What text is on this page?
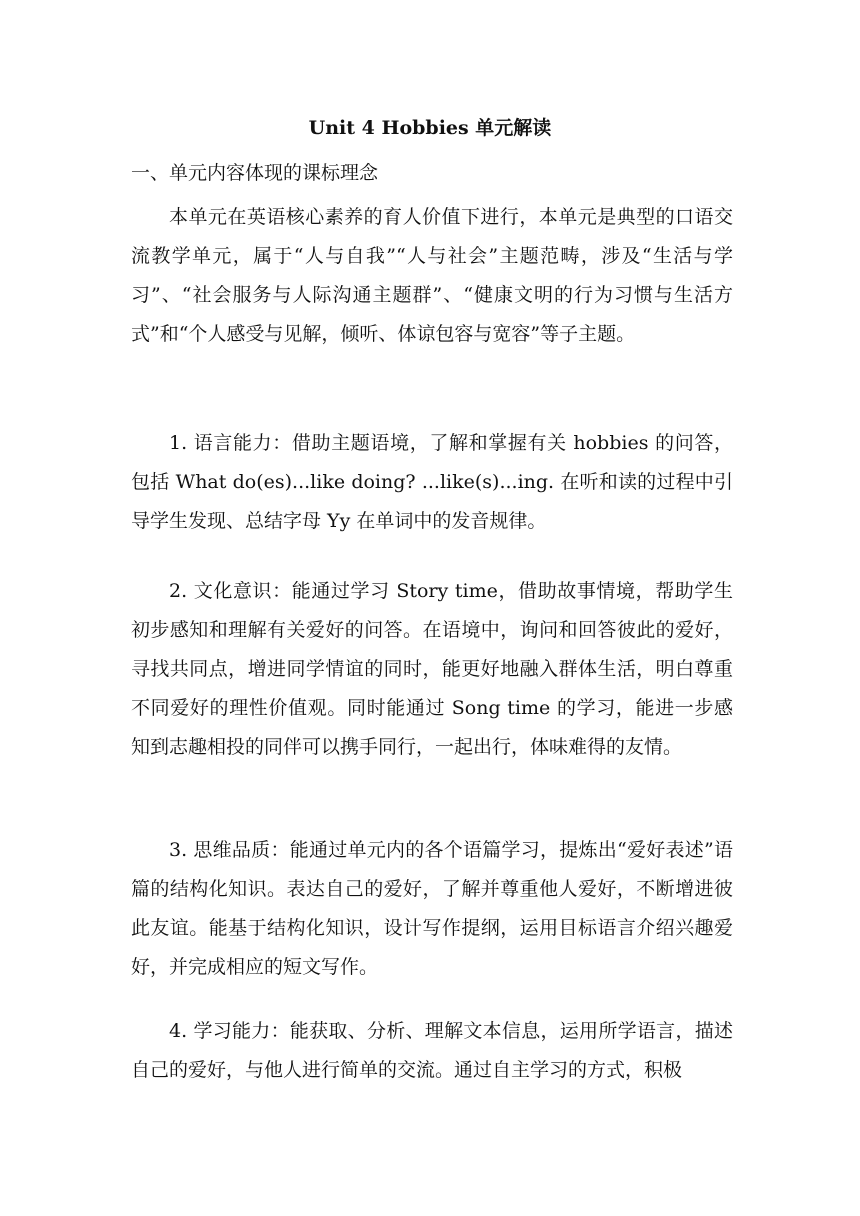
Unit 4 Hobbies 单元解读
一、单元内容体现的课标理念

本单元在英语核心素养的育人价值下进行，本单元是典型的口语交流教学单元，属于“人与自我”“人与社会”主题范畴，涉及“生活与学习”、“社会服务与人际沟通主题群”、“健康文明的行为习惯与生活方式”和“个人感受与见解，倾听、体谅包容与宽容”等子主题。

1. 语言能力：借助主题语境，了解和掌握有关 hobbies 的问答，包括 What do(es)...like doing? ...like(s)...ing. 在听和读的过程中引导学生发现、总结字母 Yy 在单词中的发音规律。

2. 文化意识：能通过学习 Story time，借助故事情境，帮助学生初步感知和理解有关爱好的问答。在语境中，询问和回答彼此的爱好，寻找共同点，增进同学情谊的同时，能更好地融入群体生活，明白尊重不同爱好的理性价值观。同时能通过 Song time 的学习，能进一步感知到志趣相投的同伴可以携手同行，一起出行，体味难得的友情。

3. 思维品质：能通过单元内的各个语篇学习，提炼出“爱好表述”语篇的结构化知识。表达自己的爱好，了解并尊重他人爱好，不断增进彼此友谊。能基于结构化知识，设计写作提纲，运用目标语言介绍兴趣爱好，并完成相应的短文写作。

4. 学习能力：能获取、分析、理解文本信息，运用所学语言，描述自己的爱好，与他人进行简单的交流。通过自主学习的方式，积极
